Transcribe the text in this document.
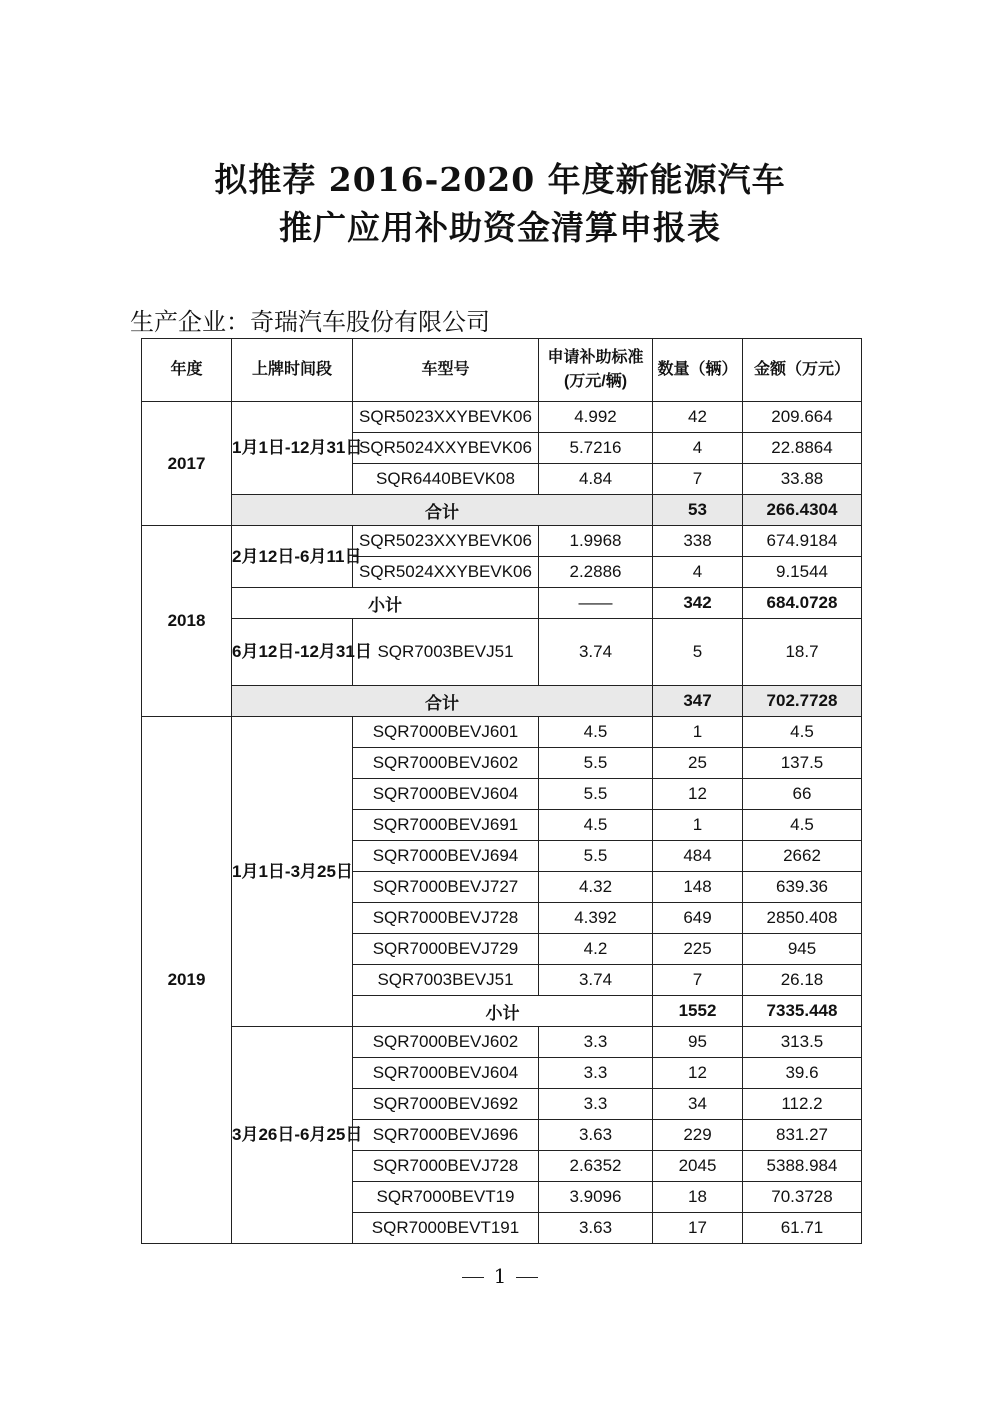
拟推荐 2016-2020 年度新能源汽车
推广应用补助资金清算申报表
生产企业：奇瑞汽车股份有限公司
年度	上牌时间段	车型号	申请补助标准(万元/辆)	数量（辆）	金额（万元）
2017	1月1日-12月31日	SQR5023XXYBEVK06	4.992	42	209.664
		SQR5024XXYBEVK06	5.7216	4	22.8864
		SQR6440BEVK08	4.84	7	33.88
	合计			53	266.4304
2018	2月12日-6月11日	SQR5023XXYBEVK06	1.9968	338	674.9184
		SQR5024XXYBEVK06	2.2886	4	9.1544
	小计		——	342	684.0728
	6月12日-12月31日	SQR7003BEVJ51	3.74	5	18.7
	合计			347	702.7728
2019	1月1日-3月25日	SQR7000BEVJ601	4.5	1	4.5
		SQR7000BEVJ602	5.5	25	137.5
		SQR7000BEVJ604	5.5	12	66
		SQR7000BEVJ691	4.5	1	4.5
		SQR7000BEVJ694	5.5	484	2662
		SQR7000BEVJ727	4.32	148	639.36
		SQR7000BEVJ728	4.392	649	2850.408
		SQR7000BEVJ729	4.2	225	945
		SQR7003BEVJ51	3.74	7	26.18
		小计		1552	7335.448
	3月26日-6月25日	SQR7000BEVJ602	3.3	95	313.5
		SQR7000BEVJ604	3.3	12	39.6
		SQR7000BEVJ692	3.3	34	112.2
		SQR7000BEVJ696	3.63	229	831.27
		SQR7000BEVJ728	2.6352	2045	5388.984
		SQR7000BEVT19	3.9096	18	70.3728
		SQR7000BEVT191	3.63	17	61.71
1
